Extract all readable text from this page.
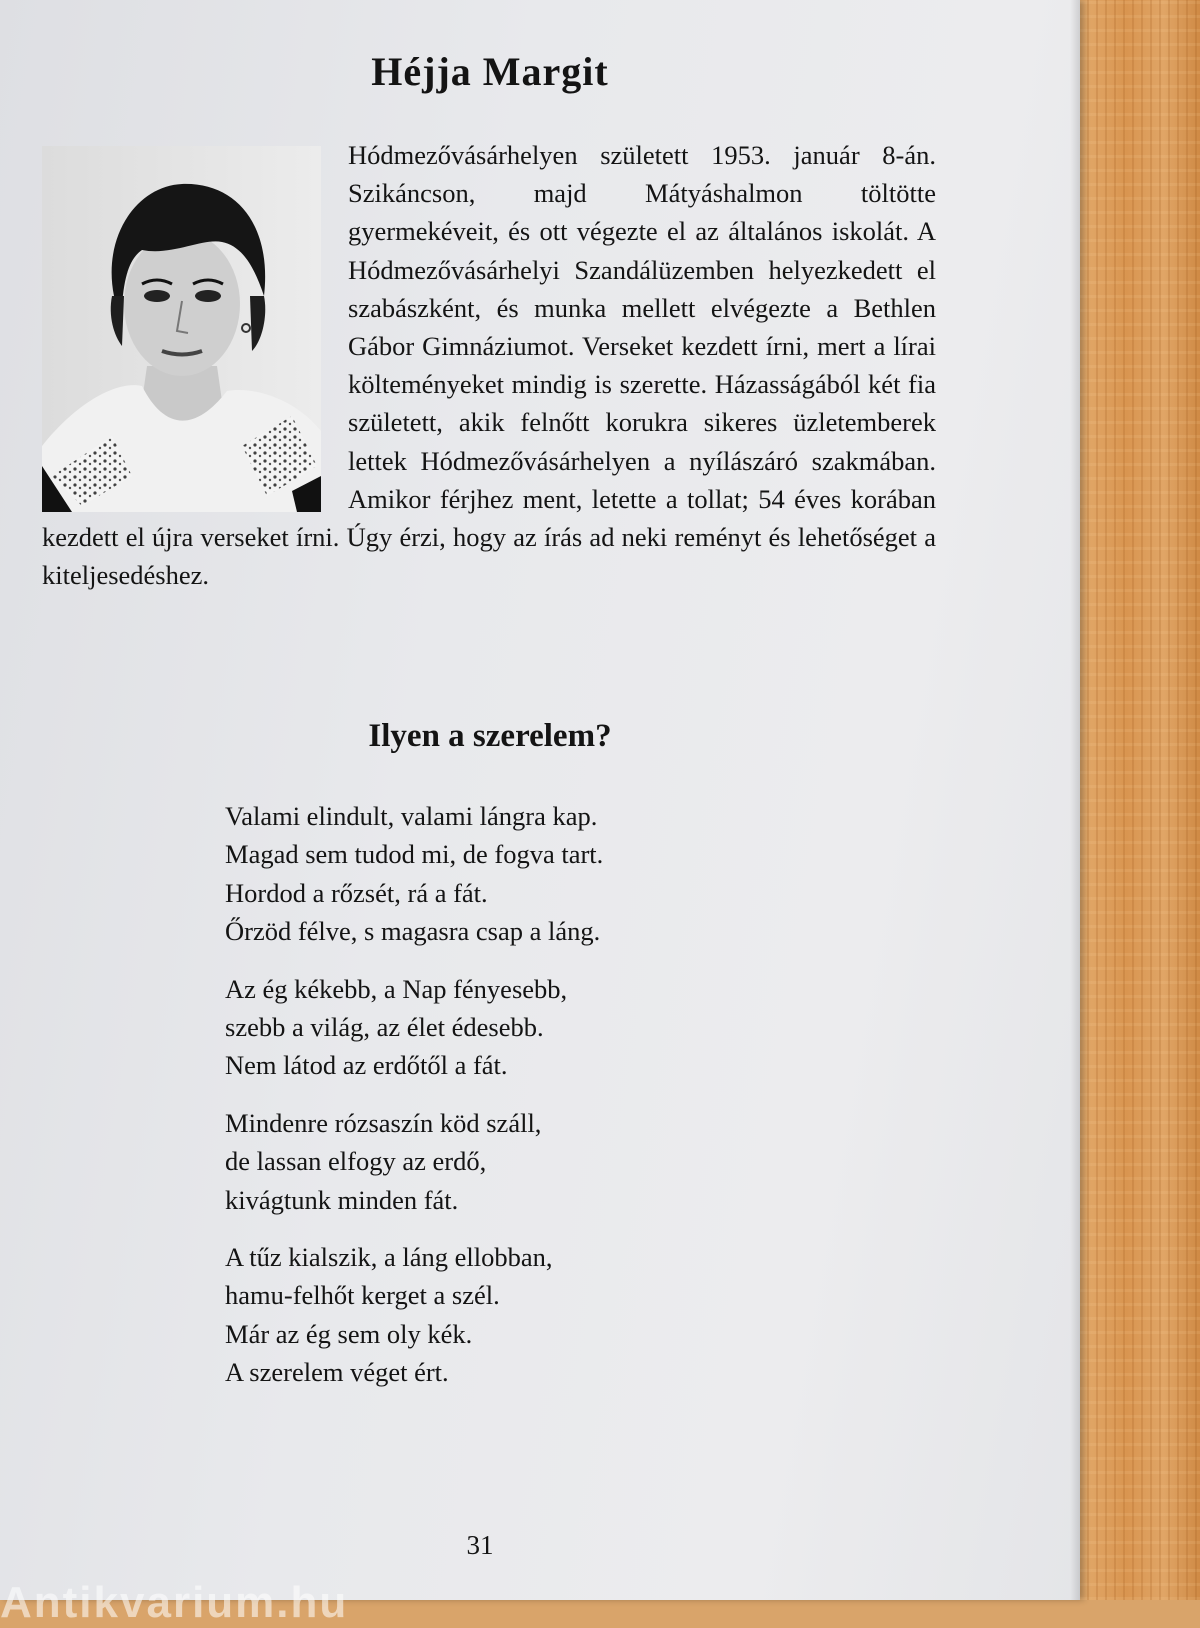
Héjja Margit
Hódmezővásárhelyen született 1953. január 8-án. Szikáncson, majd Mátyáshalmon töltötte gyermekéveit, és ott végezte el az általános iskolát. A Hódmezővásárhelyi Szandálüzemben helyezkedett el szabászként, és munka mellett elvégezte a Bethlen Gábor Gimnáziumot. Verseket kezdett írni, mert a lírai költeményeket mindig is szerette. Házasságából két fia született, akik felnőtt korukra sikeres üzletemberek lettek Hódmezővásárhelyen a nyílászáró szakmában. Amikor férjhez ment, letette a tollat; 54 éves korában kezdett el újra verseket írni. Úgy érzi, hogy az írás ad neki reményt és lehetőséget a kiteljesedéshez.
Ilyen a szerelem?
Valami elindult, valami lángra kap.
Magad sem tudod mi, de fogva tart.
Hordod a rőzsét, rá a fát.
Őrzöd félve, s magasra csap a láng.
Az ég kékebb, a Nap fényesebb,
szebb a világ, az élet édesebb.
Nem látod az erdőtől a fát.
Mindenre rózsaszín köd száll,
de lassan elfogy az erdő,
kivágtunk minden fát.
A tűz kialszik, a láng ellobban,
hamu-felhőt kerget a szél.
Már az ég sem oly kék.
A szerelem véget ért.
31
Antikvarium.hu
